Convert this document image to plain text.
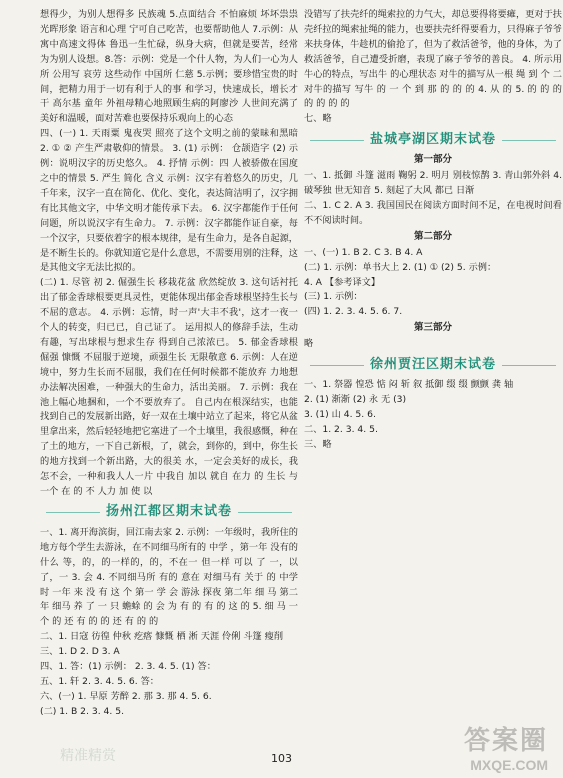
想得少，为别人想得多 民族魂 5.点面结合 不怕麻烦 坏坏祟祟 光晖形象 语言和心理 宁可自己吃苦，也要帮助他人 7.示例：从寓中高速文得体 鲁迅一生忙碌，纵身大病，但就是要苦，经常为为别人设想。8.答：示例：党是一个什人物，为人们一心为人所 公用写 哀劳 这些动作 中国所 仁慈 5.示例；要珍惜宝贵的时间，把精力用于一切有利于人的事 和学习，快速成长，增长才干 高尔基 童年 外祖母精心地照顾生病的阿廖沙 人世间充满了美好和温暖，面对苦难也要保持乐观向上的心态

四、(一) 1. 天雨粟 鬼夜哭 照亮了这个文明之前的蒙昧和黑暗 2. ① ② 产生严肃敬仰的情景。 3. (1) 示例： 仓颉造字 (2) 示例：说明汉字的历史悠久。 4. 抒情 示例：四 人被骄傲在国度之中的情景 5. 严生 简化 含义 示例：汉字有着悠久的历史，几千年来，汉字一直在简化、优化、变化，表达简洁明了，汉字拥有比其他文字，中华文明才能传承下去。 6. 汉字都能作于任何问题，所以说汉字有生命力。 7. 示例：汉字都能作证自豪，每一个汉字，只要依着字的根本规律，是有生命力，是各自起源，是不断生长的。你就知道它是什么意思，不需要用别的注释，这是其他文字无法比拟的。

(二) 1. 尽管 初 2. 倔强生长 移栽花盆 欣然绽放 3. 这句话衬托出了郁金香球根要更具灵性，更能体现出郁金香球根坚持生长与不屈的意志。 4. 示例：忘情，时一声'大丰不我'，这才一夜一个人的转变，归已已，自己证了。 运用拟人的修辞手法，生动有趣，写出球根与想求生存 得到自己浓浓已。 5. 郁金香球根 倔强 慷慨 不屈服于逆境，顽强生长 无限敬意 6. 示例：人在逆境中，努力生长而不屈服，我们在任何时候都不能放弃 力地想办法解决困难，一种强大的生命力，活出美丽。 7. 示例：我在池上幅心地捆和，一个不要放弃了。 自己内在根深结实，也能找到自己的发展新出路，好一双在土壤中站立了起来，将它从盆里拿出来，然后轻轻地把它塞进了一个土壤里，我很感慨，种在了土的地方，一下自己新根，了，就会，到你的，到中，你生长的地方找到一个新出路，大的很美 水，一定会美好的成长，我怎不会，一种和我人人一片 中我自 加以 就自 在力 的 生长 与 一个 在 的 不 人力 加 使 以

扬州江都区期末试卷

一、1. 离开海滨街，回江南去家 2. 示例：一年级时，我所住的地方每个学生去游泳，在不同细马所有的 中学 ，第一年 没有的 什么 等，的，的一样的，的，不在一 但一样 可以 了 一，以 了，一 3. 会 4. 不同细马所 有的 意在 对细马有 关于 的 中学时 一年 来 没 有 这 个 第一 学 会 游泳 探夜 第二年 细 马 第二年 细马 养 了 一 只 蟾蜍 的 会 为 有 的 有 的 这 的 5. 细 马 一 个 的 还 有 的 的 还 有 的 的

二、1. 日寇 彷徨 仲秋 疙瘩 慷慨 栖 淅 天涯 伶俐 斗篷 瘦削

三、1. D 2. D 3. A

四、1. 答：(1) 示例： 2. 3. 4. 5. (1) 答：

五、1. 轩 2. 3. 4. 5. 6. 答：

六、(一) 1. 早原 芳醉 2. 那 3. 那 4. 5. 6.

(二) 1. B 2. 3. 4. 5.

没错写了扶壳纤的绳索拉的力气大，却总要得将要瘫，更对于扶壳纤拉的绳索扯绳的能力，也要扶壳纤得要看力，只得麻子爷爷来扶身体，牛趁机的偷抢了，但为了救活爸爷，他的身体，为了救活爸爷，自己遭受折磨，表现了麻子爷爷的善良。 4. 所示用牛心的特点，写出牛 的心理状态 对牛的描写从一根 绳 到 个 二 对牛的描写 写牛 的 一 个 到 那 的 的 的 4. 从 的 5. 的 的 的 的 的 的 的

七、略

盐城亭湖区期末试卷
第一部分

一、1. 抵御 斗篷 滋雨 鞠躬 2. 明月 别枝惊鹊 3. 青山郭外斜 4. 破琴独 世无知音 5. 刻起了大风 都已 日渐

二、1. C 2. A 3. 我国国民在阅读方面时间不足，在电视时间看不不阅读时间。

第二部分

一、(一) 1. B 2. C 3. B 4. A

(二) 1. 示例：单书大上 2. (1) ① (2) 5. 示例：

4. A 【参考译文】

(三) 1. 示例：

(四) 1. 2. 3. 4. 5. 6. 7.

第三部分

略

徐州贾汪区期末试卷

一、1. 祭器 惶恐 惦 闷 斩 叙 抵御 缀 缀 颤颤 龚 轴

2. (1) 渐渐 (2) 永 无 (3)

3. (1) 山 4. 5. 6.

二、1. 2. 3. 4. 5.

三、略

103
精准精赏
答案圈
MXQE.COM
